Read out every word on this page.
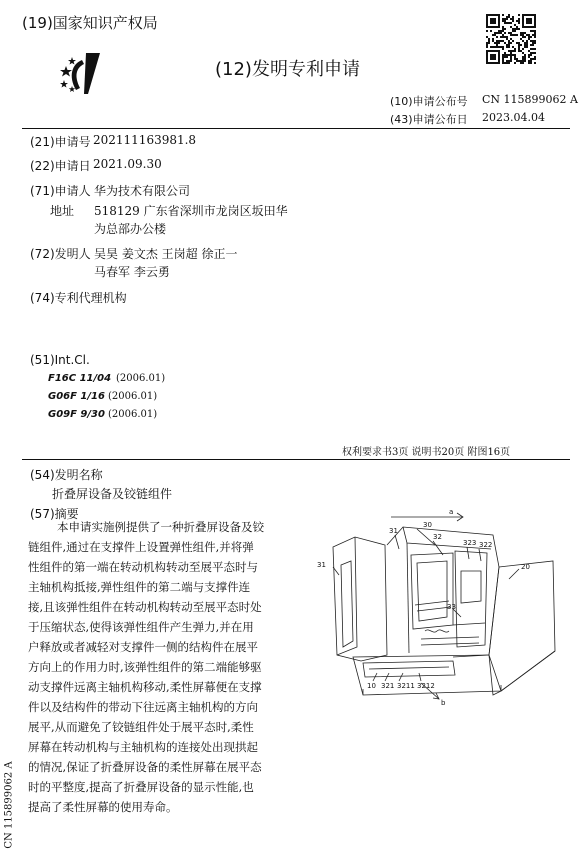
(19)国家知识产权局
(12)发明专利申请
(10)申请公布号 CN 115899062 A
(43)申请公布日 2023.04.04
(21)申请号 202111163981.8
(22)申请日 2021.09.30
(71)申请人 华为技术有限公司
地址 518129 广东省深圳市龙岗区坂田华
为总部办公楼
(72)发明人 吴昊 姜文杰 王岗超 徐正一
马春军 李云勇
(74)专利代理机构
(51)Int.Cl.
F16C 11/04 (2006.01)
G06F 1/16 (2006.01)
G09F 9/30 (2006.01)
权利要求书3页 说明书20页 附图16页
(54)发明名称
折叠屏设备及铰链组件
(57)摘要
本申请实施例提供了一种折叠屏设备及铰
链组件,通过在支撑件上设置弹性组件,并将弹
性组件的第一端在转动机构转动至展平态时与
主轴机构抵接,弹性组件的第二端与支撑件连
接,且该弹性组件在转动机构转动至展平态时处
于压缩状态,使得该弹性组件产生弹力,并在用
户释放或者减轻对支撑件一侧的结构件在展平
方向上的作用力时,该弹性组件的第二端能够驱
动支撑件远离主轴机构移动,柔性屏幕便在支撑
件以及结构件的带动下往远离主轴机构的方向
展平,从而避免了铰链组件处于展平态时,柔性
屏幕在转动机构与主轴机构的连接处出现拱起
的情况,保证了折叠屏设备的柔性屏幕在展平态
时的平整度,提高了折叠屏设备的显示性能,也
提高了柔性屏幕的使用寿命。
CN 115899062 A
a
30
31
32
323 322
20
31
33
10 321 3211 3212
b
